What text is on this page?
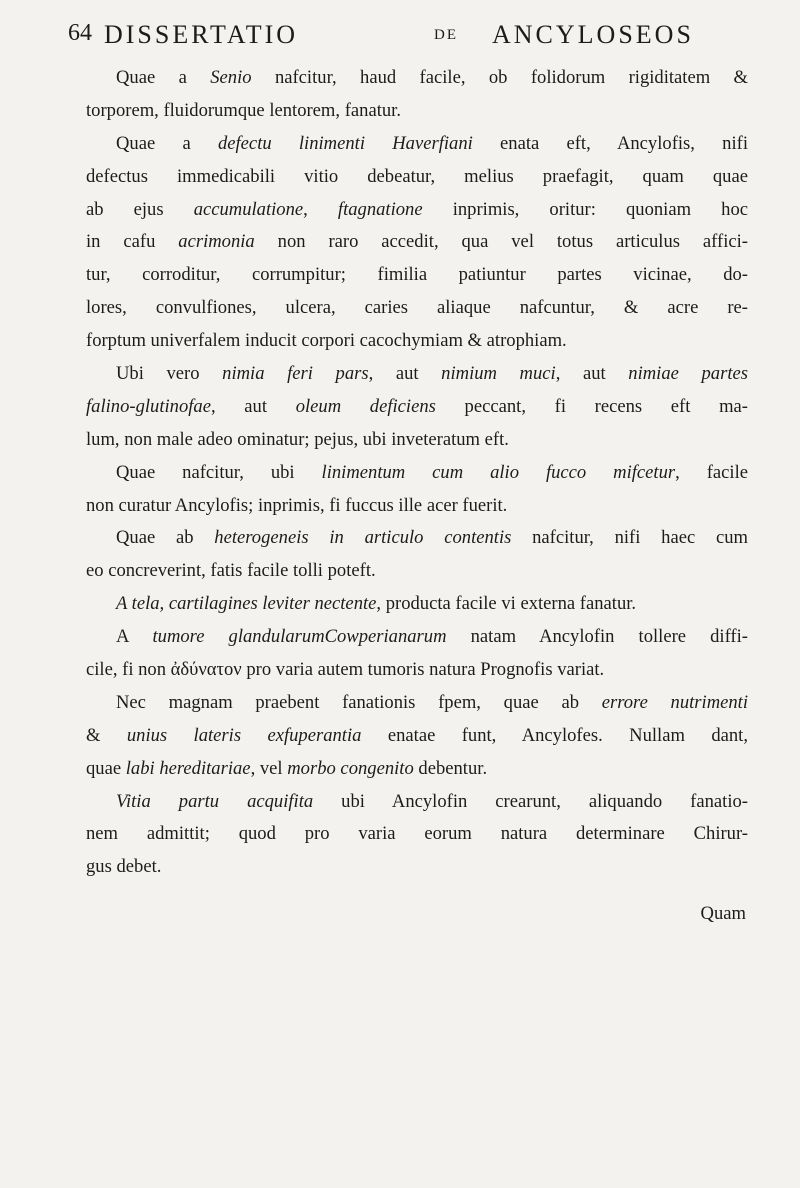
64 DISSERTATIO	DE ANCYLOSEOS
Quae a Senio nafcitur, haud facile, ob folidorum rigiditatem &
torporem, fluidorumque lentorem, fanatur.
Quae a defectu linimenti Haverfiani enata eft, Ancylofis, nifi
defectus immedicabili vitio debeatur, melius praefagit, quam quae
ab ejus accumulatione, ftagnatione inprimis, oritur: quoniam hoc
in cafu acrimonia non raro accedit, qua vel totus articulus affici-
tur, corroditur, corrumpitur; fimilia patiuntur partes vicinae, do-
lores, convulfiones, ulcera, caries aliaque nafcuntur, & acre re-
forptum univerfalem inducit corpori cacochymiam & atrophiam.
Ubi vero nimia feri pars, aut nimium muci, aut nimiae partes
falino-glutinofae, aut oleum deficiens peccant, fi recens eft ma-
lum, non male adeo ominatur; pejus, ubi inveteratum eft.
Quae nafcitur, ubi linimentum cum alio fucco mifcetur, facile
non curatur Ancylofis; inprimis, fi fuccus ille acer fuerit.
Quae ab heterogeneis in articulo contentis nafcitur, nifi haec cum
eo concreverint, fatis facile tolli poteft.
A tela, cartilagines leviter nectente, producta facile vi externa fanatur.
A tumore glandularumCowperianarum natam Ancylofin tollere diffi-
cile, fi non ἀδύνατον pro varia autem tumoris natura Prognofis variat.
Nec magnam praebent fanationis fpem, quae ab errore nutrimenti
& unius lateris exfuperantia enatae funt, Ancylofes. Nullam dant,
quae labi hereditariae, vel morbo congenito debentur.
Vitia partu acquifita ubi Ancylofin crearunt, aliquando fanatio-
nem admittit; quod pro varia eorum natura determinare Chirur-
gus debet.
Quam
